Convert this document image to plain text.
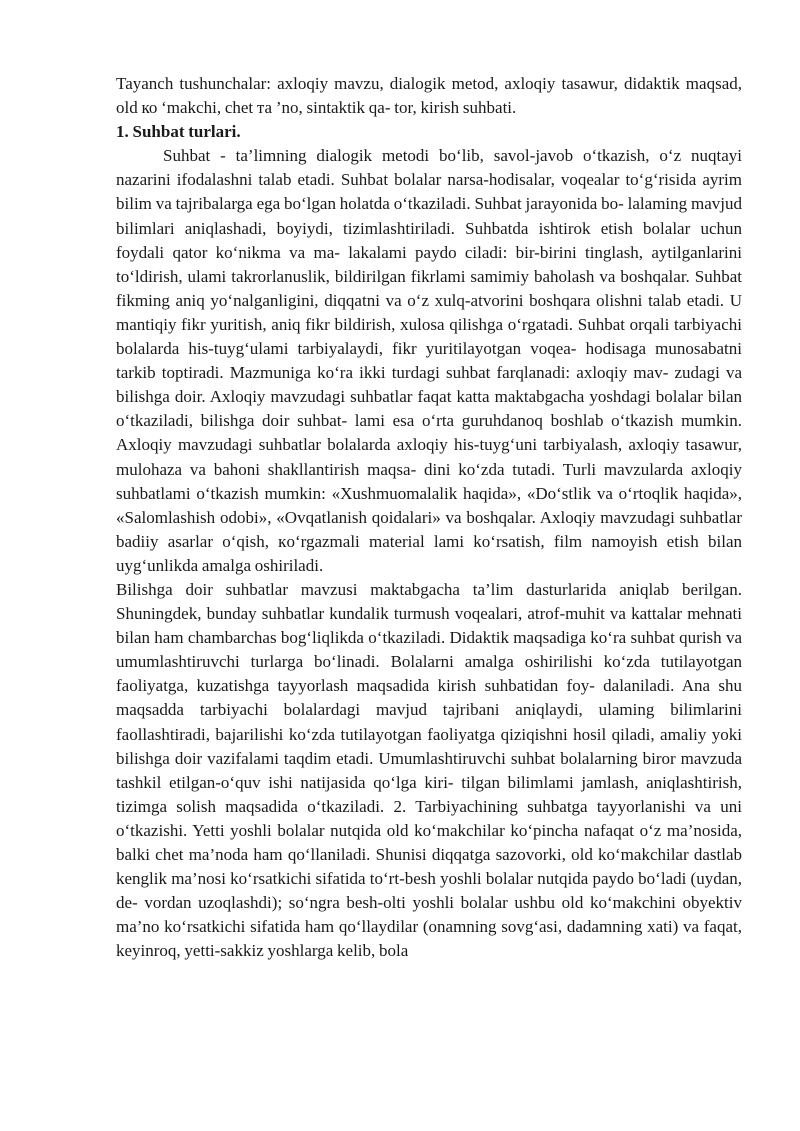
Tayanch tushunchalar: axloqiy mavzu, dialogik metod, axloqiy tasawur, didaktik maqsad, old ко ‘makchi, chet та ’no, sintaktik qa- tor, kirish suhbati.

1. Suhbat turlari.

Suhbat - ta’limning dialogik metodi bo‘lib, savol-javob o‘tkazish, o‘z nuqtayi nazarini ifodalashni talab etadi. Suhbat bolalar narsa-hodisalar, voqealar to‘g‘risida ayrim bilim va tajribalarga ega bo‘lgan holatda o‘tkaziladi. Suhbat jarayonida bo- lalaming mavjud bilimlari aniqlashadi, boyiydi, tizimlashtiriladi. Suhbatda ishtirok etish bolalar uchun foydali qator ko‘nikma va ma- lakalami paydo ciladi: bir-birini tinglash, aytilganlarini to‘ldirish, ulami takrorlanuslik, bildirilgan fikrlami samimiy baholash va boshqalar. Suhbat fikming aniq yo‘nalganligini, diqqatni va o‘z xulq-atvorini boshqara olishni talab etadi. U mantiqiy fikr yuritish, aniq fikr bildirish, xulosa qilishga o‘rgatadi. Suhbat orqali tarbiyachi bolalarda his-tuyg‘ulami tarbiyalaydi, fikr yuritilayotgan voqea- hodisaga munosabatni tarkib toptiradi. Mazmuniga ko‘ra ikki turdagi suhbat farqlanadi: axloqiy mav- zudagi va bilishga doir. Axloqiy mavzudagi suhbatlar faqat katta maktabgacha yoshdagi bolalar bilan o‘tkaziladi, bilishga doir suhbat- lami esa o‘rta guruhdanoq boshlab o‘tkazish mumkin. Axloqiy mavzudagi suhbatlar bolalarda axloqiy his-tuyg‘uni tarbiyalash, axloqiy tasawur, mulohaza va bahoni shakllantirish maqsa- dini ko‘zda tutadi. Turli mavzularda axloqiy suhbatlami o‘tkazish mumkin: «Xushmuomalalik haqida», «Do‘stlik va o‘rtoqlik haqida», «Salomlashish odobi», «Ovqatlanish qoidalari» va boshqalar. Axloqiy mavzudagi suhbatlar badiiy asarlar o‘qish, кo‘rgazmali material lami ko‘rsatish, film namoyish etish bilan uyg‘unlikda amalga oshiriladi.

Bilishga doir suhbatlar mavzusi maktabgacha ta’lim dasturlarida aniqlab berilgan. Shuningdek, bunday suhbatlar kundalik turmush voqealari, atrof-muhit va kattalar mehnati bilan ham chambarchas bog‘liqlikda o‘tkaziladi. Didaktik maqsadiga ko‘ra suhbat qurish va umumlashtiruvchi turlarga bo‘linadi. Bolalarni amalga oshirilishi ko‘zda tutilayotgan faoliyatga, kuzatishga tayyorlash maqsadida kirish suhbatidan foy- dalaniladi. Ana shu maqsadda tarbiyachi bolalardagi mavjud tajribani aniqlaydi, ulaming bilimlarini faollashtiradi, bajarilishi ko‘zda tutilayotgan faoliyatga qiziqishni hosil qiladi, amaliy yoki bilishga doir vazifalami taqdim etadi. Umumlashtiruvchi suhbat bolalarning biror mavzuda tashkil etilgan-o‘quv ishi natijasida qo‘lga kiri- tilgan bilimlami jamlash, aniqlashtirish, tizimga solish maqsadida o‘tkaziladi. 2. Tarbiyachining suhbatga tayyorlanishi va uni o‘tkazishi. Yetti yoshli bolalar nutqida old ko‘makchilar ko‘pincha nafaqat o‘z ma’nosida, balki chet ma’noda ham qo‘llaniladi. Shunisi diqqatga sazovorki, old ko‘makchilar dastlab kenglik ma’nosi ko‘rsatkichi sifatida to‘rt-besh yoshli bolalar nutqida paydo bo‘ladi (uydan, de- vordan uzoqlashdi); so‘ngra besh-olti yoshli bolalar ushbu old ko‘makchini obyektiv ma’no ko‘rsatkichi sifatida ham qo‘llaydilar (onamning sovg‘asi, dadamning xati) va faqat, keyinroq, yetti-sakkiz yoshlarga kelib, bola
